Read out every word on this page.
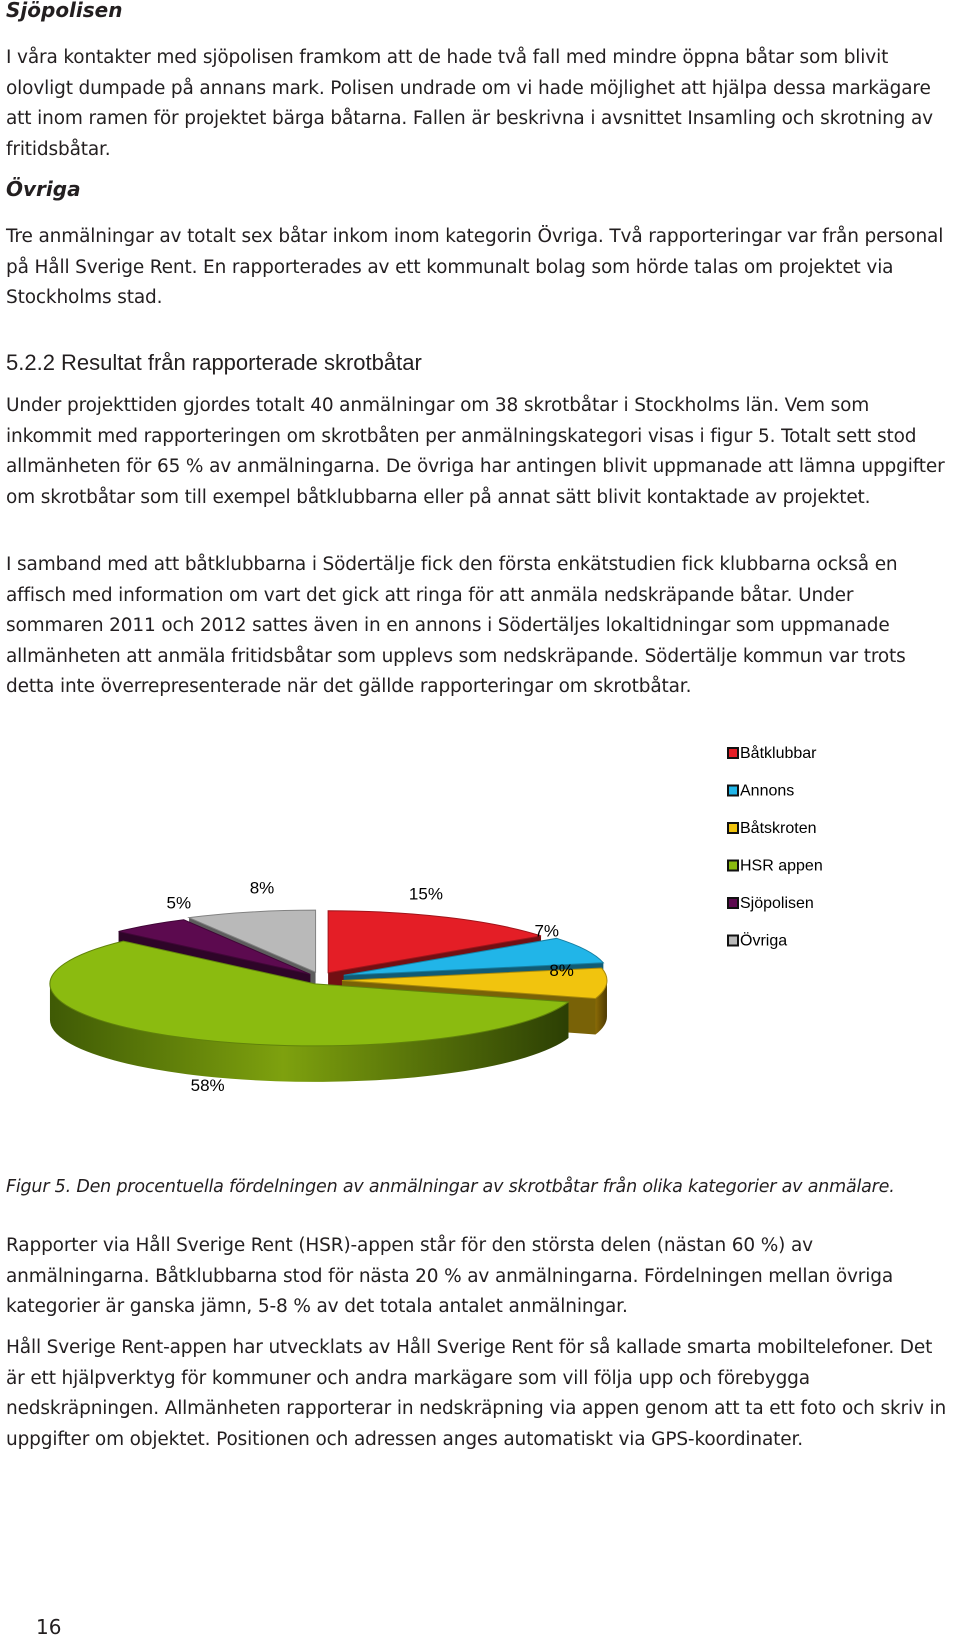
Sjöpolisen

I våra kontakter med sjöpolisen framkom att de hade två fall med mindre öppna båtar som blivit olovligt dumpade på annans mark. Polisen undrade om vi hade möjlighet att hjälpa dessa markägare att inom ramen för projektet bärga båtarna. Fallen är beskrivna i avsnittet Insamling och skrotning av fritidsbåtar.

Övriga

Tre anmälningar av totalt sex båtar inkom inom kategorin Övriga. Två rapporteringar var från personal på Håll Sverige Rent. En rapporterades av ett kommunalt bolag som hörde talas om projektet via Stockholms stad.

5.2.2 Resultat från rapporterade skrotbåtar

Under projekttiden gjordes totalt 40 anmälningar om 38 skrotbåtar i Stockholms län. Vem som inkommit med rapporteringen om skrotbåten per anmälningskategori visas i figur 5. Totalt sett stod allmänheten för 65 % av anmälningarna. De övriga har antingen blivit uppmanade att lämna uppgifter om skrotbåtar som till exempel båtklubbarna eller på annat sätt blivit kontaktade av projektet.

I samband med att båtklubbarna i Södertälje fick den första enkätstudien fick klubbarna också en affisch med information om vart det gick att ringa för att anmäla nedskräpande båtar. Under sommaren 2011 och 2012 sattes även in en annons i Södertäljes lokaltidningar som uppmanade allmänheten att anmäla fritidsbåtar som upplevs som nedskräpande. Södertälje kommun var trots detta inte överrepresenterade när det gällde rapporteringar om skrotbåtar.

15%
7%
8%
58%
5%
8%
Båtklubbar
Annons
Båtskroten
HSR appen
Sjöpolisen
Övriga

Figur 5. Den procentuella fördelningen av anmälningar av skrotbåtar från olika kategorier av anmälare.

Rapporter via Håll Sverige Rent (HSR)-appen står för den största delen (nästan 60 %) av anmälningarna. Båtklubbarna stod för nästa 20 % av anmälningarna. Fördelningen mellan övriga kategorier är ganska jämn, 5-8 % av det totala antalet anmälningar.

Håll Sverige Rent-appen har utvecklats av Håll Sverige Rent för så kallade smarta mobiltelefoner. Det är ett hjälpverktyg för kommuner och andra markägare som vill följa upp och förebygga nedskräpningen. Allmänheten rapporterar in nedskräpning via appen genom att ta ett foto och skriv in uppgifter om objektet. Positionen och adressen anges automatiskt via GPS-koordinater.

16
